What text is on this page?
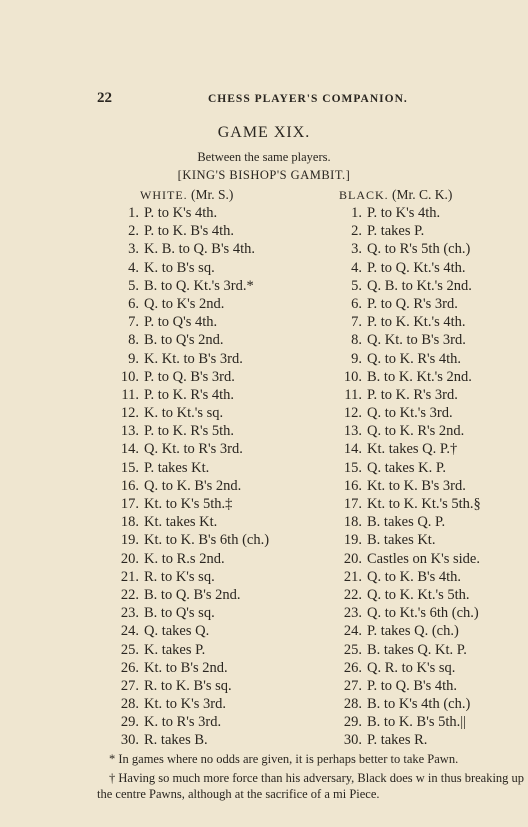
22	CHESS PLAYER'S COMPANION.
GAME XIX.
Between the same players.
[KING'S BISHOP'S GAMBIT.]
WHITE. (Mr. S.)	BLACK. (Mr. C. K.)
1. P. to K's 4th.
2. P. to K. B's 4th.
3. K. B. to Q. B's 4th.
4. K. to B's sq.
5. B. to Q. Kt.'s 3rd.*
6. Q. to K's 2nd.
7. P. to Q's 4th.
8. B. to Q's 2nd.
9. K. Kt. to B's 3rd.
10. P. to Q. B's 3rd.
11. P. to K. R's 4th.
12. K. to Kt.'s sq.
13. P. to K. R's 5th.
14. Q. Kt. to R's 3rd.
15. P. takes Kt.
16. Q. to K. B's 2nd.
17. Kt. to K's 5th.‡
18. Kt. takes Kt.
19. Kt. to K. B's 6th (ch.)
20. K. to R.s 2nd.
21. R. to K's sq.
22. B. to Q. B's 2nd.
23. B. to Q's sq.
24. Q. takes Q.
25. K. takes P.
26. Kt. to B's 2nd.
27. R. to K. B's sq.
28. Kt. to K's 3rd.
29. K. to R's 3rd.
30. R. takes B.
1. P. to K's 4th.
2. P. takes P.
3. Q. to R's 5th (ch.)
4. P. to Q. Kt.'s 4th.
5. Q. B. to Kt.'s 2nd.
6. P. to Q. R's 3rd.
7. P. to K. Kt.'s 4th.
8. Q. Kt. to B's 3rd.
9. Q. to K. R's 4th.
10. B. to K. Kt.'s 2nd.
11. P. to K. R's 3rd.
12. Q. to Kt.'s 3rd.
13. Q. to K. R's 2nd.
14. Kt. takes Q. P.†
15. Q. takes K. P.
16. Kt. to K. B's 3rd.
17. Kt. to K. Kt.'s 5th.§
18. B. takes Q. P.
19. B. takes Kt.
20. Castles on K's side.
21. Q. to K. B's 4th.
22. Q. to K. Kt.'s 5th.
23. Q. to Kt.'s 6th (ch.)
24. P. takes Q. (ch.)
25. B. takes Q. Kt. P.
26. Q. R. to K's sq.
27. P. to Q. B's 4th.
28. B. to K's 4th (ch.)
29. B. to K. B's 5th.||
30. P. takes R.

* In games where no odds are given, it is perhaps better to take Pawn.

† Having so much more force than his adversary, Black does w in thus breaking up the centre Pawns, although at the sacrifice of a mi Piece.
